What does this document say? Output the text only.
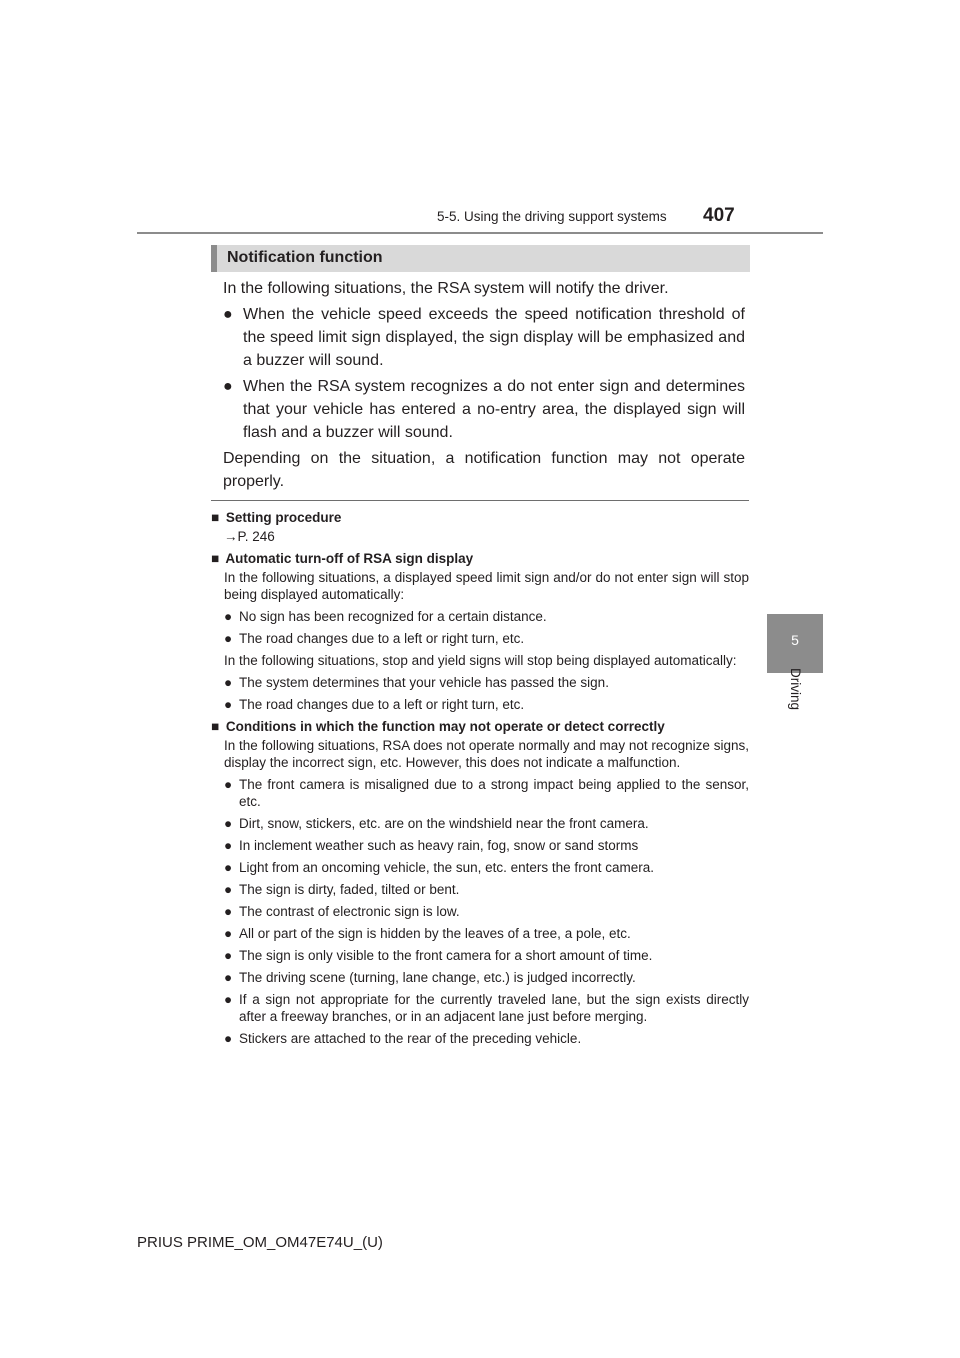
5-5. Using the driving support systems 407
5
Driving
Notification function

In the following situations, the RSA system will notify the driver.

● When the vehicle speed exceeds the speed notification threshold of the speed limit sign displayed, the sign display will be emphasized and a buzzer will sound.

● When the RSA system recognizes a do not enter sign and determines that your vehicle has entered a no-entry area, the displayed sign will flash and a buzzer will sound.

Depending on the situation, a notification function may not operate properly.

■ Setting procedure

→P. 246

■ Automatic turn-off of RSA sign display

In the following situations, a displayed speed limit sign and/or do not enter sign will stop being displayed automatically:

● No sign has been recognized for a certain distance.

● The road changes due to a left or right turn, etc.

In the following situations, stop and yield signs will stop being displayed automatically:

● The system determines that your vehicle has passed the sign.

● The road changes due to a left or right turn, etc.

■ Conditions in which the function may not operate or detect correctly

In the following situations, RSA does not operate normally and may not recognize signs, display the incorrect sign, etc. However, this does not indicate a malfunction.

● The front camera is misaligned due to a strong impact being applied to the sensor, etc.

● Dirt, snow, stickers, etc. are on the windshield near the front camera.

● In inclement weather such as heavy rain, fog, snow or sand storms

● Light from an oncoming vehicle, the sun, etc. enters the front camera.

● The sign is dirty, faded, tilted or bent.

● The contrast of electronic sign is low.

● All or part of the sign is hidden by the leaves of a tree, a pole, etc.

● The sign is only visible to the front camera for a short amount of time.

● The driving scene (turning, lane change, etc.) is judged incorrectly.

● If a sign not appropriate for the currently traveled lane, but the sign exists directly after a freeway branches, or in an adjacent lane just before merging.

● Stickers are attached to the rear of the preceding vehicle.

PRIUS PRIME_OM_OM47E74U_(U)
